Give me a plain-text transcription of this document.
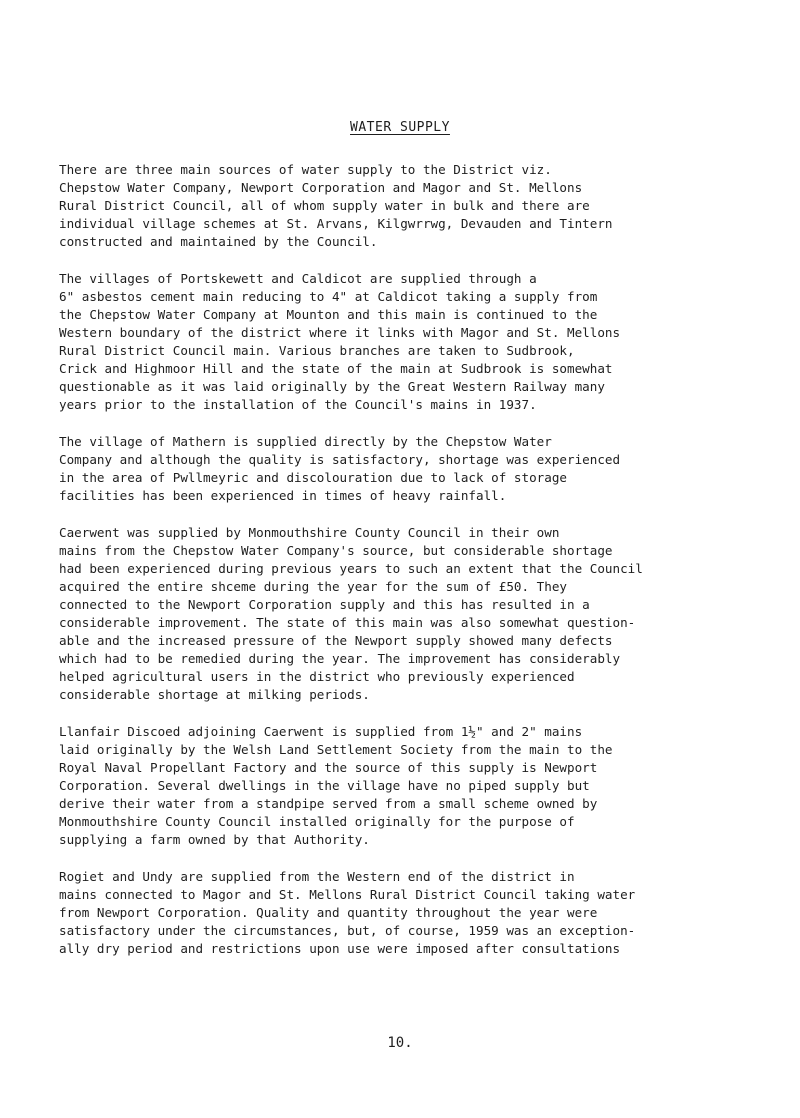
WATER SUPPLY

There are three main sources of water supply to the District viz.
Chepstow Water Company, Newport Corporation and Magor and St. Mellons
Rural District Council, all of whom supply water in bulk and there are
individual village schemes at St. Arvans, Kilgwrrwg, Devauden and Tintern
constructed and maintained by the Council.

The villages of Portskewett and Caldicot are supplied through a
6" asbestos cement main reducing to 4" at Caldicot taking a supply from
the Chepstow Water Company at Mounton and this main is continued to the
Western boundary of the district where it links with Magor and St. Mellons
Rural District Council main. Various branches are taken to Sudbrook,
Crick and Highmoor Hill and the state of the main at Sudbrook is somewhat
questionable as it was laid originally by the Great Western Railway many
years prior to the installation of the Council's mains in 1937.

The village of Mathern is supplied directly by the Chepstow Water
Company and although the quality is satisfactory, shortage was experienced
in the area of Pwllmeyric and discolouration due to lack of storage
facilities has been experienced in times of heavy rainfall.

Caerwent was supplied by Monmouthshire County Council in their own
mains from the Chepstow Water Company's source, but considerable shortage
had been experienced during previous years to such an extent that the Council
acquired the entire shceme during the year for the sum of £50. They
connected to the Newport Corporation supply and this has resulted in a
considerable improvement. The state of this main was also somewhat question-
able and the increased pressure of the Newport supply showed many defects
which had to be remedied during the year. The improvement has considerably
helped agricultural users in the district who previously experienced
considerable shortage at milking periods.

Llanfair Discoed adjoining Caerwent is supplied from 1½" and 2" mains
laid originally by the Welsh Land Settlement Society from the main to the
Royal Naval Propellant Factory and the source of this supply is Newport
Corporation. Several dwellings in the village have no piped supply but
derive their water from a standpipe served from a small scheme owned by
Monmouthshire County Council installed originally for the purpose of
supplying a farm owned by that Authority.

Rogiet and Undy are supplied from the Western end of the district in
mains connected to Magor and St. Mellons Rural District Council taking water
from Newport Corporation. Quality and quantity throughout the year were
satisfactory under the circumstances, but, of course, 1959 was an exception-
ally dry period and restrictions upon use were imposed after consultations

10.
